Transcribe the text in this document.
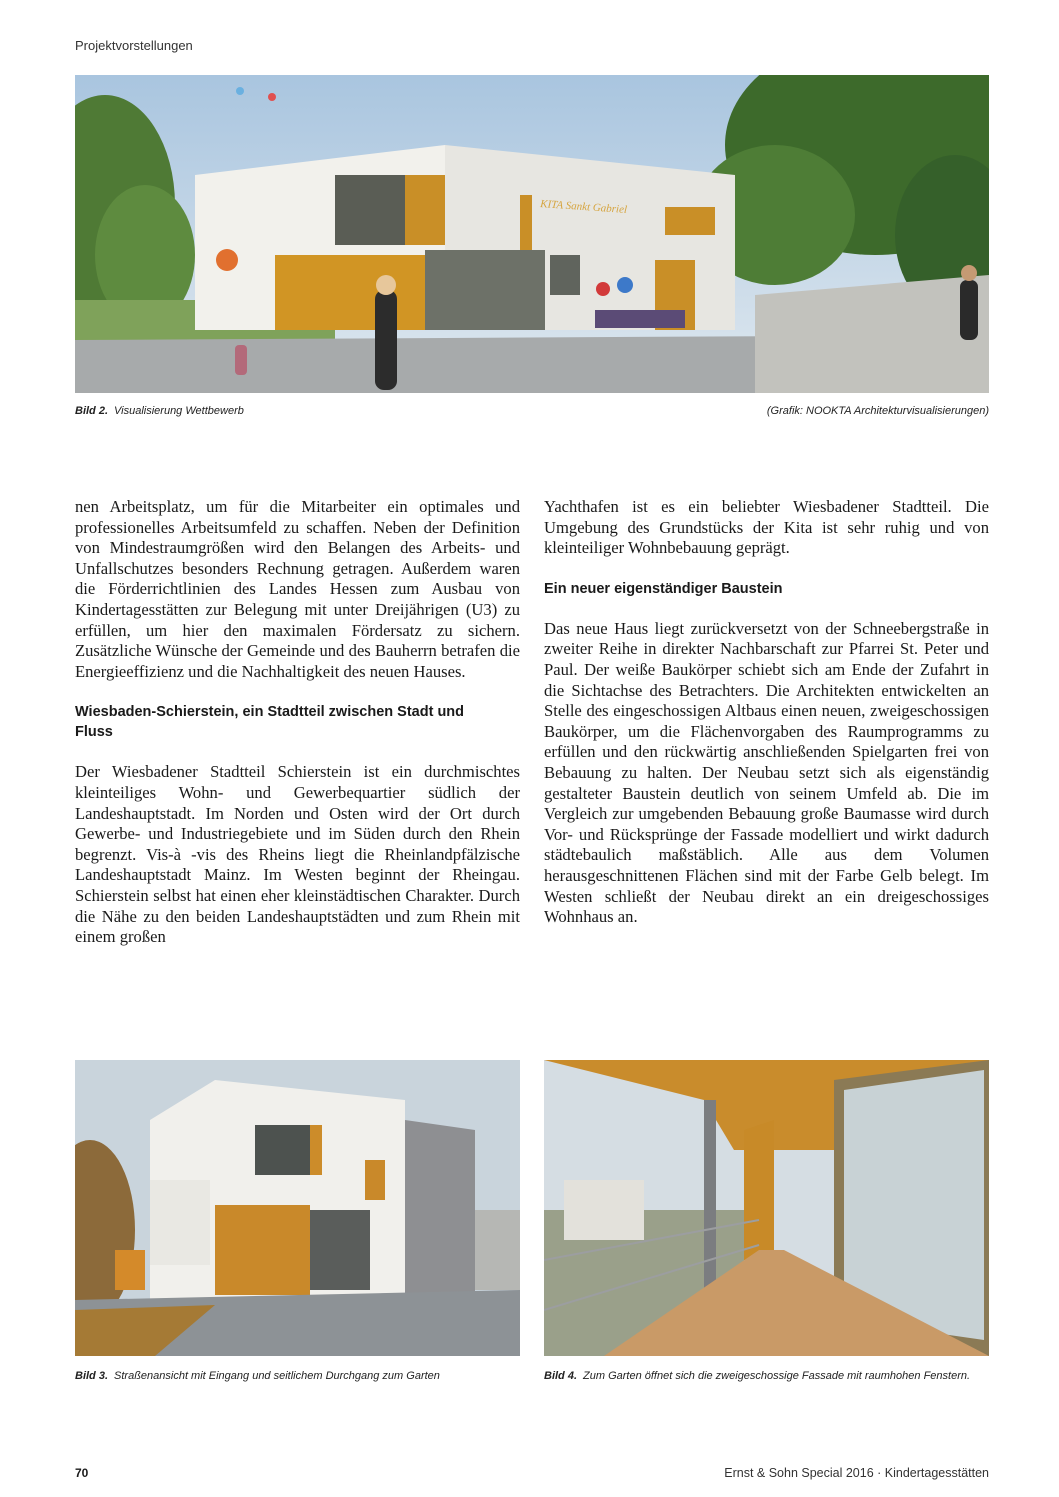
Projektvorstellungen
KITA Sankt Gabriel
Bild 2. Visualisierung Wettbewerb	(Grafik: NOOKTA Architekturvisualisierungen)

nen Arbeitsplatz, um für die Mitarbeiter ein optimales und professionelles Arbeitsumfeld zu schaffen. Neben der Definition von Mindestraumgrößen wird den Belangen des Arbeits- und Unfallschutzes besonders Rechnung getragen. Außerdem waren die Förderrichtlinien des Landes Hessen zum Ausbau von Kindertagesstätten zur Belegung mit unter Dreijährigen (U3) zu erfüllen, um hier den maximalen Fördersatz zu sichern. Zusätzliche Wünsche der Gemeinde und des Bauherrn betrafen die Energieeffizienz und die Nachhaltigkeit des neuen Hauses.

Wiesbaden-Schierstein, ein Stadtteil zwischen Stadt und Fluss

Der Wiesbadener Stadtteil Schierstein ist ein durchmischtes kleinteiliges Wohn- und Gewerbequartier südlich der Landeshauptstadt. Im Norden und Osten wird der Ort durch Gewerbe- und Industriegebiete und im Süden durch den Rhein begrenzt. Vis-à -vis des Rheins liegt die Rheinlandpfälzische Landeshauptstadt Mainz. Im Westen beginnt der Rheingau. Schierstein selbst hat einen eher kleinstädtischen Charakter. Durch die Nähe zu den beiden Landeshauptstädten und zum Rhein mit einem großen

Yachthafen ist es ein beliebter Wiesbadener Stadtteil. Die Umgebung des Grundstücks der Kita ist sehr ruhig und von kleinteiliger Wohnbebauung geprägt.

Ein neuer eigenständiger Baustein

Das neue Haus liegt zurückversetzt von der Schneebergstraße in zweiter Reihe in direkter Nachbarschaft zur Pfarrei St. Peter und Paul. Der weiße Baukörper schiebt sich am Ende der Zufahrt in die Sichtachse des Betrachters. Die Architekten entwickelten an Stelle des eingeschossigen Altbaus einen neuen, zweigeschossigen Baukörper, um die Flächenvorgaben des Raumprogramms zu erfüllen und den rückwärtig anschließenden Spielgarten frei von Bebauung zu halten. Der Neubau setzt sich als eigenständig gestalteter Baustein deutlich von seinem Umfeld ab. Die im Vergleich zur umgebenden Bebauung große Baumasse wird durch Vor- und Rücksprünge der Fassade modelliert und wirkt dadurch städtebaulich maßstäblich. Alle aus dem Volumen herausgeschnittenen Flächen sind mit der Farbe Gelb belegt. Im Westen schließt der Neubau direkt an ein dreigeschossiges Wohnhaus an.

Bild 3. Straßenansicht mit Eingang und seitlichem Durchgang zum Garten	Bild 4. Zum Garten öffnet sich die zweigeschossige Fassade mit raumhohen Fenstern.
70	Ernst & Sohn Special 2016 · Kindertagesstätten
